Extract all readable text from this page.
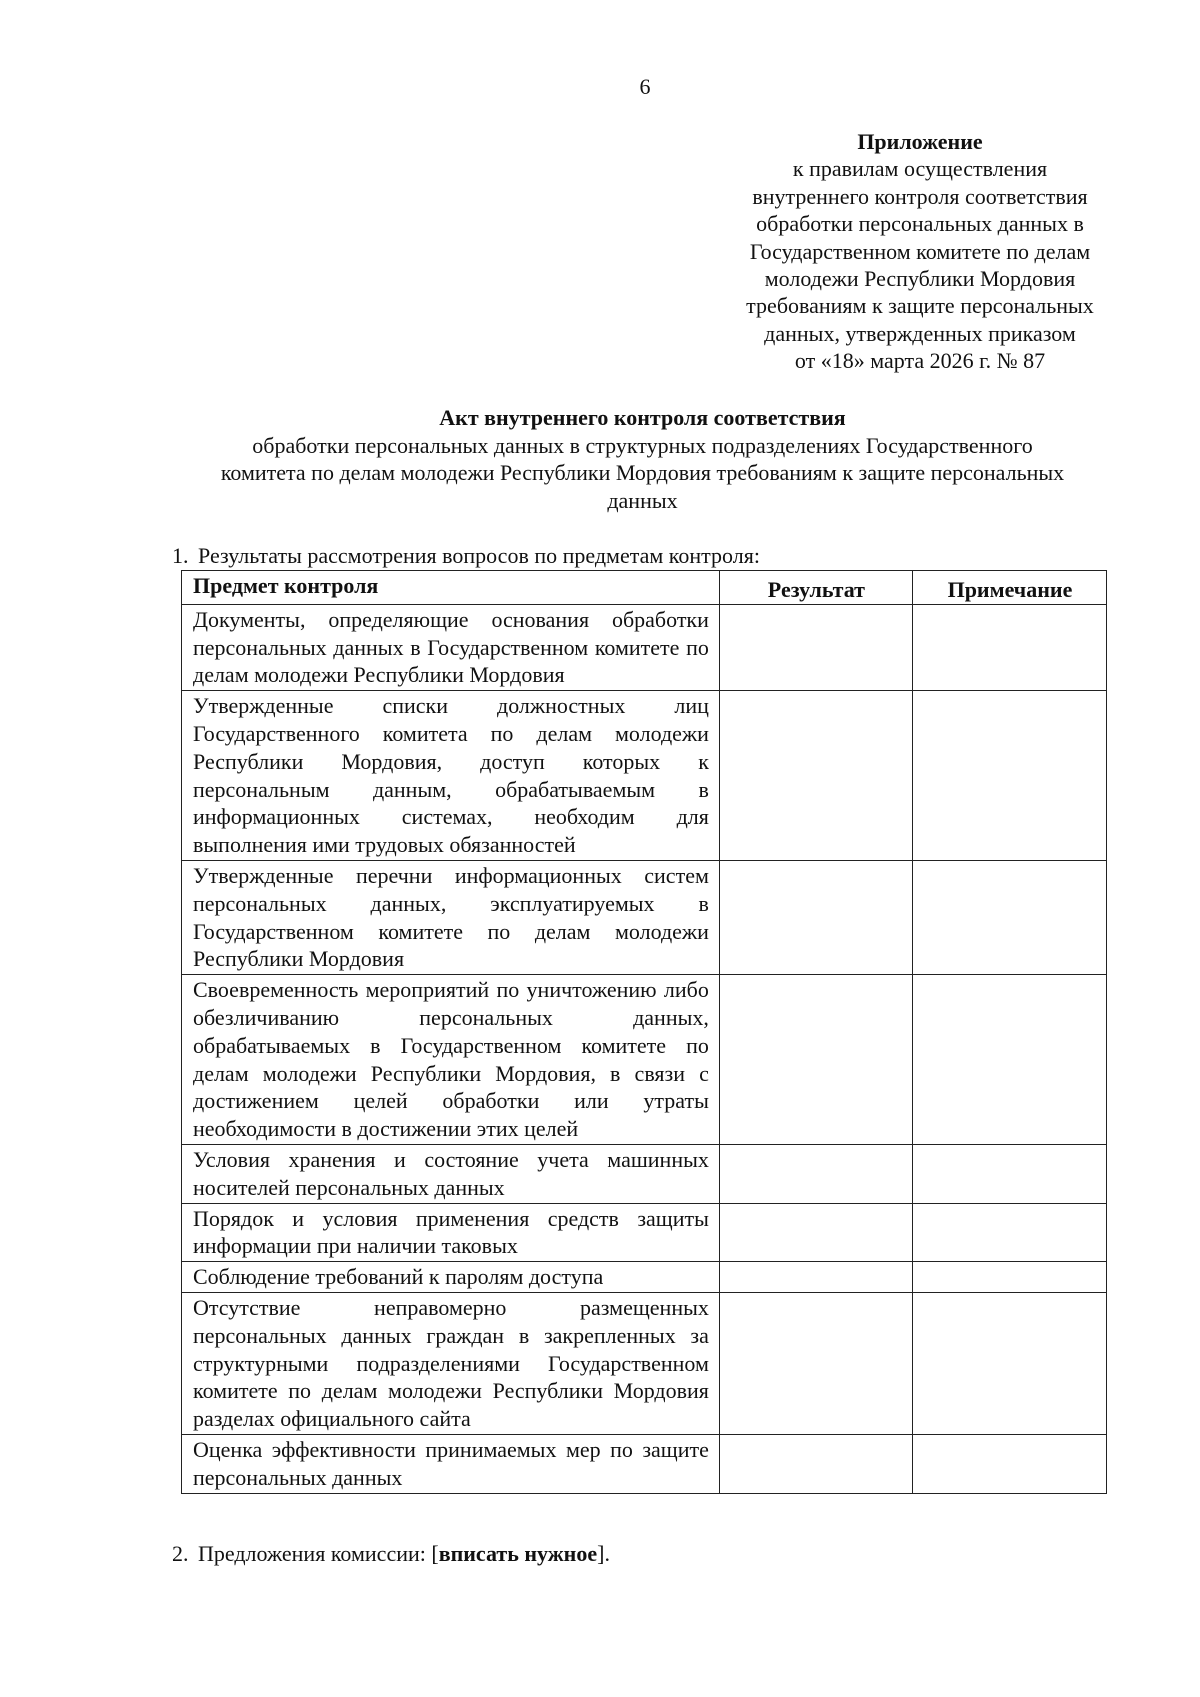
6
Приложение
к правилам осуществления
внутреннего контроля соответствия
обработки персональных данных в
Государственном комитете по делам
молодежи Республики Мордовия
требованиям к защите персональных
данных, утвержденных приказом
от «18» марта 2026 г. № 87
Акт внутреннего контроля соответствия
обработки персональных данных в структурных подразделениях Государственного
комитета по делам молодежи Республики Мордовия требованиям к защите персональных
данных
1. Результаты рассмотрения вопросов по предметам контроля:
Предмет контроля	Результат	Примечание
Документы, определяющие основания обработки персональных данных в Государственном комитете по делам молодежи Республики Мордовия		
Утвержденные списки должностных лиц Государственного комитета по делам молодежи Республики Мордовия, доступ которых к персональным данным, обрабатываемым в информационных системах, необходим для выполнения ими трудовых обязанностей		
Утвержденные перечни информационных систем персональных данных, эксплуатируемых в Государственном комитете по делам молодежи Республики Мордовия		
Своевременность мероприятий по уничтожению либо обезличиванию персональных данных, обрабатываемых в Государственном комитете по делам молодежи Республики Мордовия, в связи с достижением целей обработки или утраты необходимости в достижении этих целей		
Условия хранения и состояние учета машинных носителей персональных данных		
Порядок и условия применения средств защиты информации при наличии таковых		
Соблюдение требований к паролям доступа		
Отсутствие неправомерно размещенных персональных данных граждан в закрепленных за структурными подразделениями Государственном комитете по делам молодежи Республики Мордовия разделах официального сайта		
Оценка эффективности принимаемых мер по защите персональных данных		
2. Предложения комиссии: [вписать нужное].
